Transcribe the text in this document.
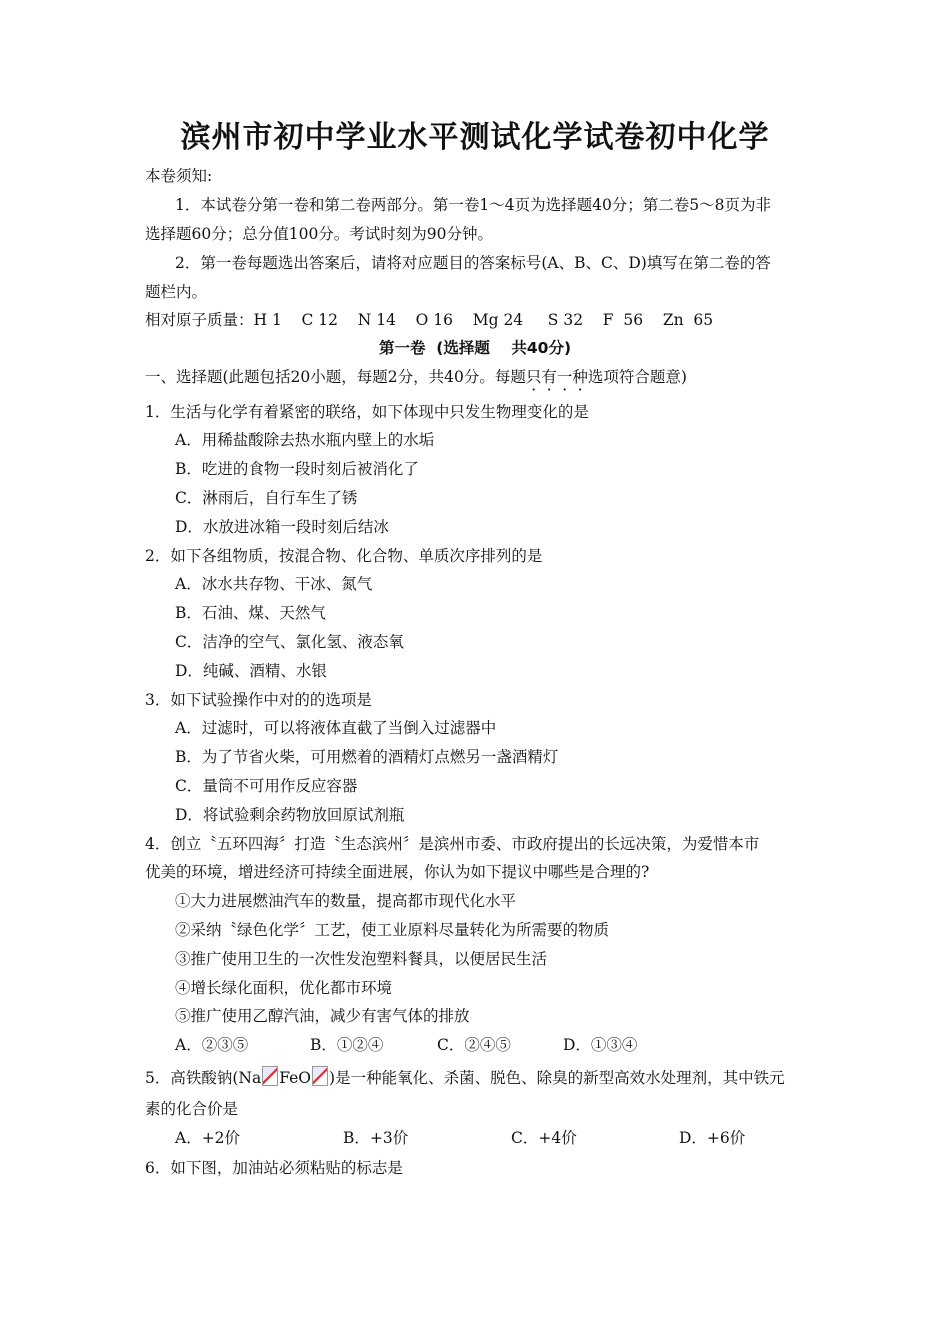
滨州市初中学业水平测试化学试卷初中化学
本卷须知:
1．本试卷分第一卷和第二卷两部分。第一卷1～4页为选择题40分；第二卷5～8页为非
选择题60分；总分值100分。考试时刻为90分钟。
2．第一卷每题选出答案后，请将对应题目的答案标号(A、B、C、D)填写在第二卷的答
题栏内。
相对原子质量：H 1    C 12    N 14    O 16    Mg 24     S 32    F  56    Zn  65
第一卷  (选择题    共40分)
一、选择题(此题包括20小题，每题2分，共40分。每题只有一种选项符合题意)
1．生活与化学有着紧密的联络，如下体现中只发生物理变化的是
A．用稀盐酸除去热水瓶内壁上的水垢
B．吃进的食物一段时刻后被消化了
C．淋雨后，自行车生了锈
D．水放进冰箱一段时刻后结冰
2．如下各组物质，按混合物、化合物、单质次序排列的是
A．冰水共存物、干冰、氮气
B．石油、煤、天然气
C．洁净的空气、氯化氢、液态氧
D．纯碱、酒精、水银
3．如下试验操作中对的的选项是
A．过滤时，可以将液体直截了当倒入过滤器中
B．为了节省火柴，可用燃着的酒精灯点燃另一盏酒精灯
C．量筒不可用作反应容器
D．将试验剩余药物放回原试剂瓶
4．创立〝五环四海〞打造〝生态滨州〞是滨州市委、市政府提出的长远决策，为爱惜本市
优美的环境，增进经济可持续全面进展，你认为如下提议中哪些是合理的?
①大力进展燃油汽车的数量，提高都市现代化水平
②采纳〝绿色化学〞工艺，使工业原料尽量转化为所需要的物质
③推广使用卫生的一次性发泡塑料餐具，以便居民生活
④增长绿化面积，优化都市环境
⑤推广使用乙醇汽油，减少有害气体的排放
A．②③⑤	B．①②④	C．②④⑤	D．①③④
5．高铁酸钠(Na FeO )是一种能氧化、杀菌、脱色、除臭的新型高效水处理剂，其中铁元
素的化合价是
A．+2价	B．+3价	C．+4价	D．+6价
6．如下图，加油站必须粘贴的标志是
